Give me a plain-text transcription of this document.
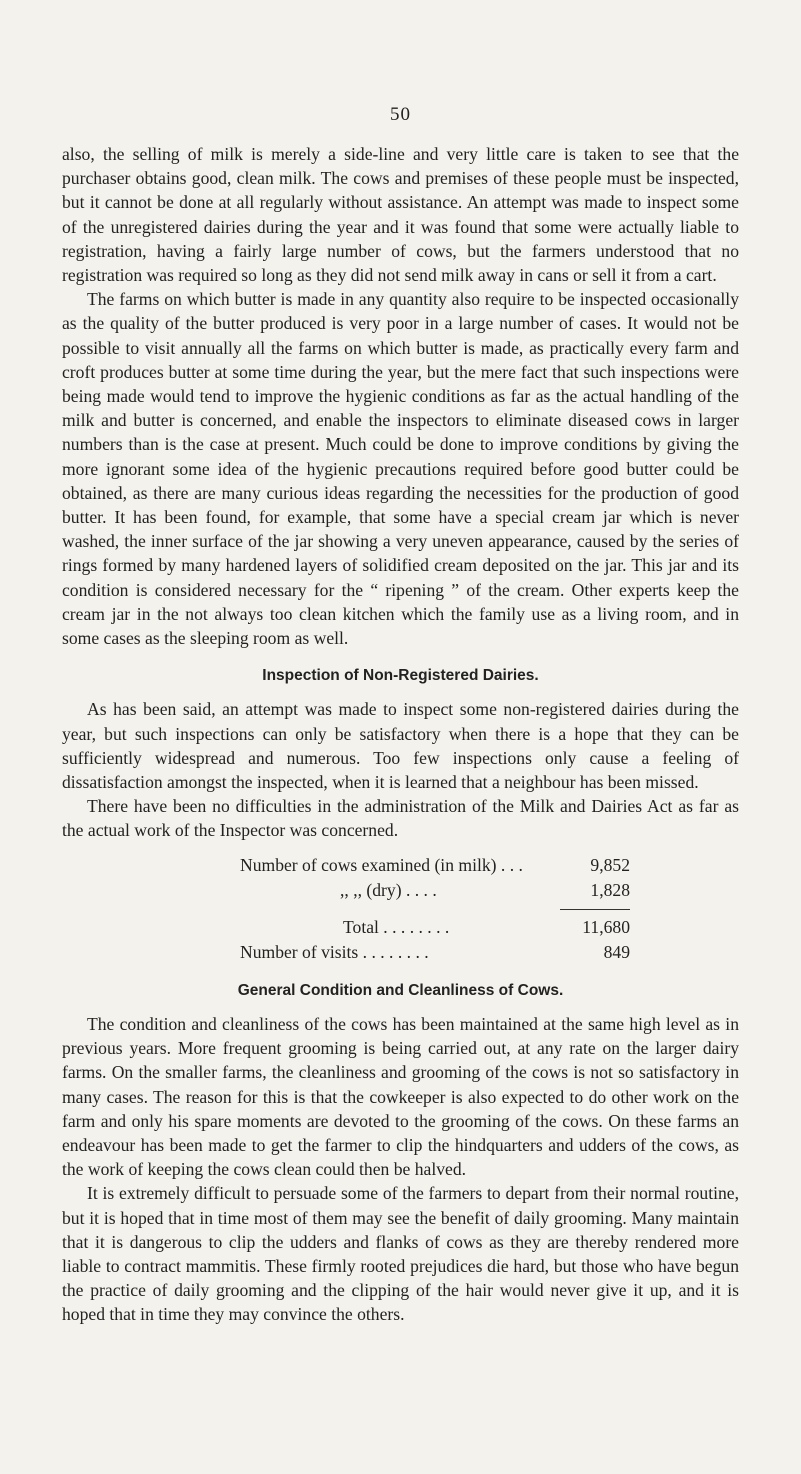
50

also, the selling of milk is merely a side-line and very little care is taken to see that the purchaser obtains good, clean milk. The cows and premises of these people must be inspected, but it cannot be done at all regularly without assistance. An attempt was made to inspect some of the unregistered dairies during the year and it was found that some were actually liable to registration, having a fairly large number of cows, but the farmers understood that no registration was required so long as they did not send milk away in cans or sell it from a cart.

The farms on which butter is made in any quantity also require to be inspected occasionally as the quality of the butter produced is very poor in a large number of cases. It would not be possible to visit annually all the farms on which butter is made, as practically every farm and croft produces butter at some time during the year, but the mere fact that such inspections were being made would tend to improve the hygienic conditions as far as the actual handling of the milk and butter is concerned, and enable the inspectors to eliminate diseased cows in larger numbers than is the case at present. Much could be done to improve conditions by giving the more ignorant some idea of the hygienic precautions required before good butter could be obtained, as there are many curious ideas regarding the necessities for the production of good butter. It has been found, for example, that some have a special cream jar which is never washed, the inner surface of the jar showing a very uneven appearance, caused by the series of rings formed by many hardened layers of solidified cream deposited on the jar. This jar and its condition is considered necessary for the “ ripening ” of the cream. Other experts keep the cream jar in the not always too clean kitchen which the family use as a living room, and in some cases as the sleeping room as well.

Inspection of Non-Registered Dairies.

As has been said, an attempt was made to inspect some non-registered dairies during the year, but such inspections can only be satisfactory when there is a hope that they can be sufficiently widespread and numerous. Too few inspections only cause a feeling of dissatisfaction amongst the inspected, when it is learned that a neighbour has been missed.

There have been no difficulties in the administration of the Milk and Dairies Act as far as the actual work of the Inspector was concerned.

Number of cows examined (in milk) . . .	9,852
,, ,, (dry) . . . .	1,828
Total . . . . . . . .	11,680
Number of visits . . . . . . . .	849
General Condition and Cleanliness of Cows.

The condition and cleanliness of the cows has been maintained at the same high level as in previous years. More frequent grooming is being carried out, at any rate on the larger dairy farms. On the smaller farms, the cleanliness and grooming of the cows is not so satisfactory in many cases. The reason for this is that the cowkeeper is also expected to do other work on the farm and only his spare moments are devoted to the grooming of the cows. On these farms an endeavour has been made to get the farmer to clip the hindquarters and udders of the cows, as the work of keeping the cows clean could then be halved.

It is extremely difficult to persuade some of the farmers to depart from their normal routine, but it is hoped that in time most of them may see the benefit of daily grooming. Many maintain that it is dangerous to clip the udders and flanks of cows as they are thereby rendered more liable to contract mammitis. These firmly rooted prejudices die hard, but those who have begun the practice of daily grooming and the clipping of the hair would never give it up, and it is hoped that in time they may convince the others.
